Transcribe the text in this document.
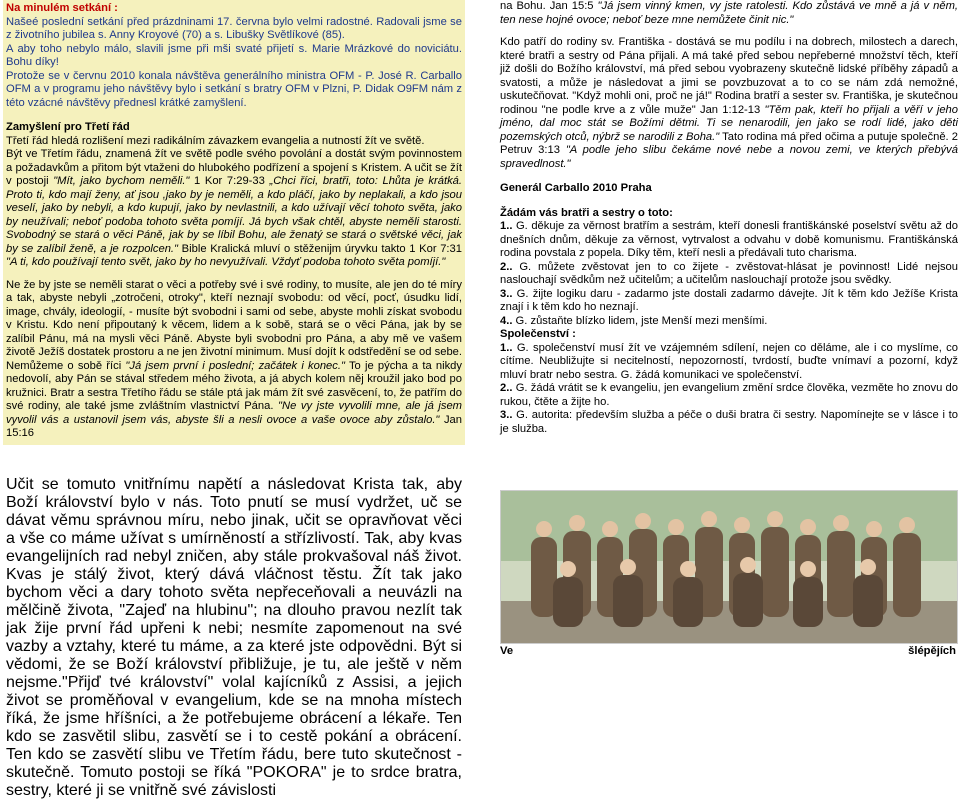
Na minulém setkání :

Našeé poslední setkání před prázdninami 17. června bylo velmi radostné. Radovali jsme se z životního jubilea s. Anny Kroyové (70) a s. Libušky Světlíkové (85).

A aby toho nebylo málo, slavili jsme při mši svaté přijetí s. Marie Mrázkové do noviciátu. Bohu díky!

Protože se v červnu 2010 konala návštěva generálního ministra OFM - P. José R. Carballo OFM a v programu jeho návštěvy bylo i setkání s bratry OFM v Plzni, P. Didak O9FM nám z této vzácné návštěvy přednesl krátké zamyšlení.

Zamyšlení pro Třetí řád

Třetí řád hledá rozlišení mezi radikálním závazkem evangelia a nutností žít ve světě.

Být ve Třetím řádu, znamená žít ve světě podle svého povolání a dostát svým povinnostem a požadavkům a přitom být vtaženi do hlubokého podřízení a spojení s Kristem. A učit se žít v postoji "Mít, jako bychom neměli." 1 Kor 7:29-33 „Chci říci, bratři, toto: Lhůta je krátká. Proto ti, kdo mají ženy, ať jsou ,jako by je neměli, a kdo pláčí, jako by neplakali, a kdo jsou veselí, jako by nebyli, a kdo kupují, jako by nevlastnili, a kdo užívají věcí tohoto světa, jako by neužívali; neboť podoba tohoto světa pomíjí. Já bych však chtěl, abyste neměli starosti. Svobodný se stará o věci Páně, jak by se líbil Bohu, ale ženatý se stará o světské věci, jak by se zalíbil ženě, a je rozpolcen." Bible Kralická mluví o stěženijm úryvku takto 1 Kor 7:31 "A ti, kdo používají tento svět, jako by ho nevyužívali. Vždyť podoba tohoto světa pomíjí."

Ne že by jste se neměli starat o věci a potřeby své i své rodiny, to musíte, ale jen do té míry a tak, abyste nebyli „zotročeni, otroky", kteří neznají svobodu: od věcí, pocť, úsudku lidí, image, chvály, ideologií, - musíte být svobodni i sami od sebe, abyste mohli získat svobodu v Kristu. Kdo není připoutaný k věcem, lidem a k sobě, stará se o věci Pána, jak by se zalíbil Pánu, má na mysli věci Páně. Abyste byli svobodni pro Pána, a aby mě ve vašem životě Ježíš dostatek prostoru a ne jen životní minimum. Musí dojít k odstředění se od sebe. Nemůžeme o sobě říci "Já jsem první i poslední; začátek i konec." To je pýcha a ta nikdy nedovolí, aby Pán se stával středem mého života, a já abych kolem něj kroužil jako bod po kružnici. Bratr a sestra Třetího řádu se stále ptá jak mám žít své zasvěcení, to, že patřím do své rodiny, ale také jsme zvláštním vlastnictví Pána. "Ne vy jste vyvolili mne, ale já jsem vyvolil vás a ustanovil jsem vás, abyste šli a nesli ovoce a vaše ovoce aby zůstalo." Jan 15:16

Učit se tomuto vnitřnímu napětí a následovat Krista tak, aby Boží království bylo v nás. Toto pnutí se musí vydržet, uč se dávat věmu správnou míru, nebo jinak, učit se opravňovat věci a vše co máme užívat s umírněností a střízlivostí. Tak, aby kvas evangelijních rad nebyl zničen, aby stále prokvašoval náš život. Kvas je stálý život, který dává vláčnost těstu. Žít tak jako bychom věci a dary tohoto světa nepřeceňovali a neuvázli na mělčině života, "Zajeď na hlubinu"; na dlouho pravou nezlít tak jak žije první řád upřeni k nebi; nesmíte zapomenout na své vazby a vztahy, které tu máme, a za které jste odpovědni. Být si vědomi, že se Boží království přibližuje, je tu, ale ještě v něm nejsme."Přijď tvé království" volal kajícníků z Assisi, a jejich život se proměňoval v evangelium, kde se na mnoha místech říká, že jsme hříšníci, a že potřebujeme obrácení a lékaře. Ten kdo se zasvětil slibu, zasvětí se i to cestě pokání a obrácení. Ten kdo se zasvětí slibu ve Třetím řádu, bere tuto skutečnost - skutečně. Tomuto postoji se říká "POKORA" je to srdce bratra, sestry, které ji se vnitřně své závislosti

na Bohu. Jan 15:5 "Já jsem vinný kmen, vy jste ratolesti. Kdo zůstává ve mně a já v něm, ten nese hojné ovoce; neboť beze mne nemůžete činit nic."

Kdo patří do rodiny sv. Františka - dostává se mu podílu i na dobrech, milostech a darech, které bratři a sestry od Pána přijali. A má také před sebou nepřeberné množství těch, kteří již došli do Božího království, má před sebou vyobrazeny skutečně lidské příběhy západů a svatosti, a může je následovat a jimi se povzbuzovat a to co se nám zdá nemožné, uskutečňovat. "Když mohli oni, proč ne já!" Rodina bratří a sester sv. Františka, je skutečnou rodinou "ne podle krve a z vůle muže" Jan 1:12-13 "Těm pak, kteří ho přijali a věří v jeho jméno, dal moc stát se Božími dětmi. Ti se nenarodili, jen jako se rodí lidé, jako děti pozemských otců, nýbrž se narodili z Boha." Tato rodina má před očima a putuje společně. 2 Petruv 3:13 "A podle jeho slibu čekáme nové nebe a novou zemi, ve kterých přebývá spravedlnost."

Generál Carballo 2010 Praha

Žádám vás bratři a sestry o toto:

1.. G. děkuje za věrnost bratřím a sestrám, kteří donesli františkánské poselství světu až do dnešních dnům, děkuje za věrnost, vytrvalost a odvahu v době komunismu. Františkánská rodina povstala z popela. Díky těm, kteří nesli a předávali tuto charisma.

2.. G. můžete zvěstovat jen to co žijete - zvěstovat-hlásat je povinnost! Lidé nejsou naslouchají svědkům než učitelům; a učitelům naslouchají protože jsou svědky.

3.. G. žijte logiku daru - zadarmo jste dostali zadarmo dávejte. Jít k těm kdo Ježíše Krista znají i k těm kdo ho neznají.

4.. G. zůstaňte blízko lidem, jste Menší mezi menšími.

Společenství :

1.. G. společenství musí žít ve vzájemném sdílení, nejen co děláme, ale i co myslíme, co cítíme. Neubližujte si necitelností, nepozorností, tvrdostí, buďte vnímaví a pozorní, když mluví bratr nebo sestra. G. žádá komunikaci ve společenství.

2.. G. žádá vrátit se k evangeliu, jen evangelium změní srdce člověka, vezměte ho znovu do rukou, čtěte a žijte ho.

3.. G. autorita: především služba a péče o duši bratra či sestry. Napomínejte se v lásce i to je služba.

Ve	šlépějích
